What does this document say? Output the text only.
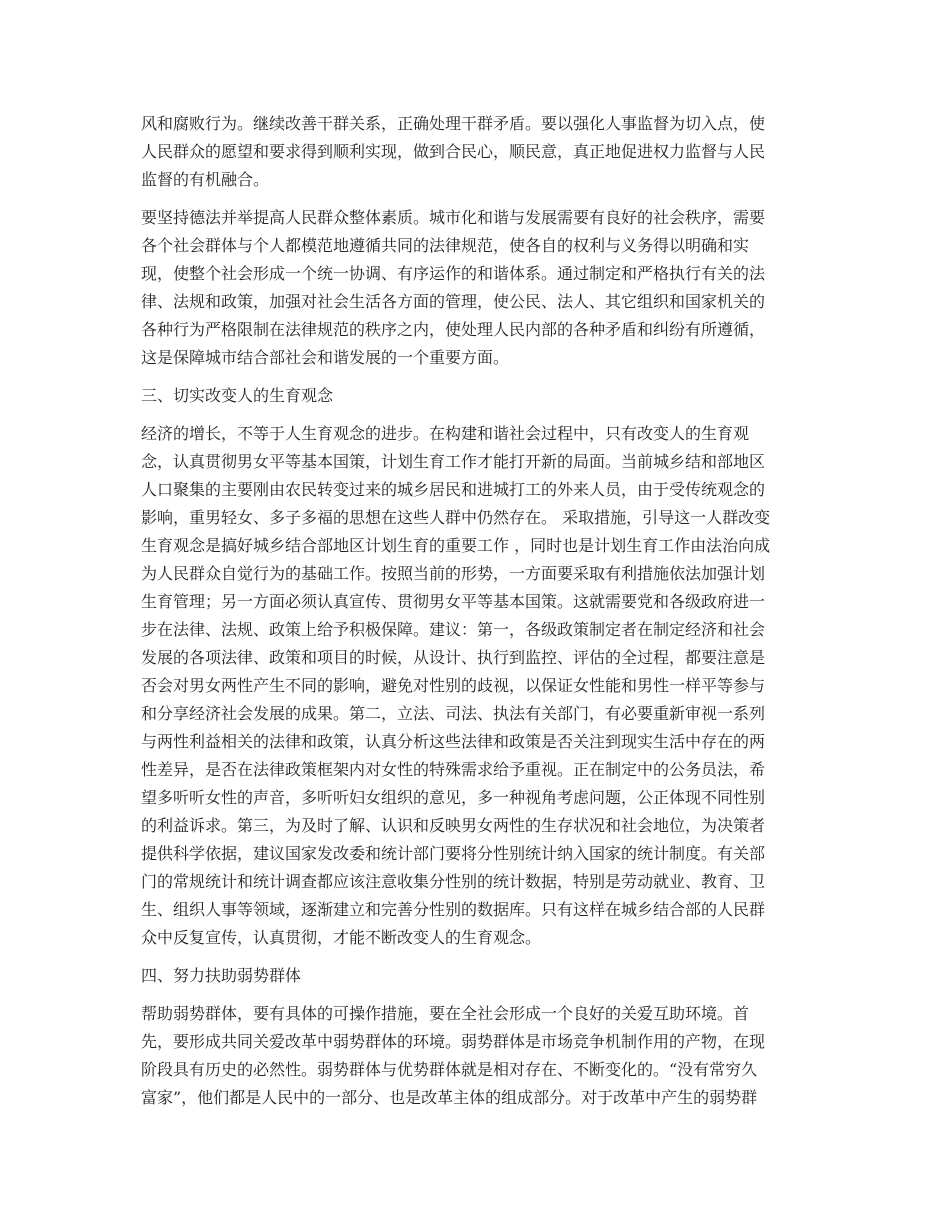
风和腐败行为。继续改善干群关系，正确处理干群矛盾。要以强化人事监督为切入点，使
人民群众的愿望和要求得到顺利实现，做到合民心，顺民意，真正地促进权力监督与人民
监督的有机融合。

要坚持德法并举提高人民群众整体素质。城市化和谐与发展需要有良好的社会秩序，需要
各个社会群体与个人都模范地遵循共同的法律规范，使各自的权利与义务得以明确和实
现，使整个社会形成一个统一协调、有序运作的和谐体系。通过制定和严格执行有关的法
律、法规和政策，加强对社会生活各方面的管理，使公民、法人、其它组织和国家机关的
各种行为严格限制在法律规范的秩序之内，使处理人民内部的各种矛盾和纠纷有所遵循，
这是保障城市结合部社会和谐发展的一个重要方面。

三、切实改变人的生育观念

经济的增长，不等于人生育观念的进步。在构建和谐社会过程中，只有改变人的生育观
念，认真贯彻男女平等基本国策，计划生育工作才能打开新的局面。当前城乡结和部地区
人口聚集的主要刚由农民转变过来的城乡居民和进城打工的外来人员，由于受传统观念的
影响，重男轻女、多子多福的思想在这些人群中仍然存在。 采取措施，引导这一人群改变
生育观念是搞好城乡结合部地区计划生育的重要工作 ，同时也是计划生育工作由法治向成
为人民群众自觉行为的基础工作。按照当前的形势，一方面要采取有利措施依法加强计划
生育管理；另一方面必须认真宣传、贯彻男女平等基本国策。这就需要党和各级政府进一
步在法律、法规、政策上给予积极保障。建议：第一，各级政策制定者在制定经济和社会
发展的各项法律、政策和项目的时候，从设计、执行到监控、评估的全过程，都要注意是
否会对男女两性产生不同的影响，避免对性别的歧视，以保证女性能和男性一样平等参与
和分享经济社会发展的成果。第二，立法、司法、执法有关部门，有必要重新审视一系列
与两性利益相关的法律和政策，认真分析这些法律和政策是否关注到现实生活中存在的两
性差异，是否在法律政策框架内对女性的特殊需求给予重视。正在制定中的公务员法，希
望多听听女性的声音，多听听妇女组织的意见，多一种视角考虑问题，公正体现不同性别
的利益诉求。第三，为及时了解、认识和反映男女两性的生存状况和社会地位，为决策者
提供科学依据，建议国家发改委和统计部门要将分性别统计纳入国家的统计制度。有关部
门的常规统计和统计调查都应该注意收集分性别的统计数据，特别是劳动就业、教育、卫
生、组织人事等领域，逐渐建立和完善分性别的数据库。只有这样在城乡结合部的人民群
众中反复宣传，认真贯彻，才能不断改变人的生育观念。

四、努力扶助弱势群体

帮助弱势群体，要有具体的可操作措施，要在全社会形成一个良好的关爱互助环境。首
先，要形成共同关爱改革中弱势群体的环境。弱势群体是市场竞争机制作用的产物，在现
阶段具有历史的必然性。弱势群体与优势群体就是相对存在、不断变化的。“没有常穷久
富家”，他们都是人民中的一部分、也是改革主体的组成部分。对于改革中产生的弱势群
